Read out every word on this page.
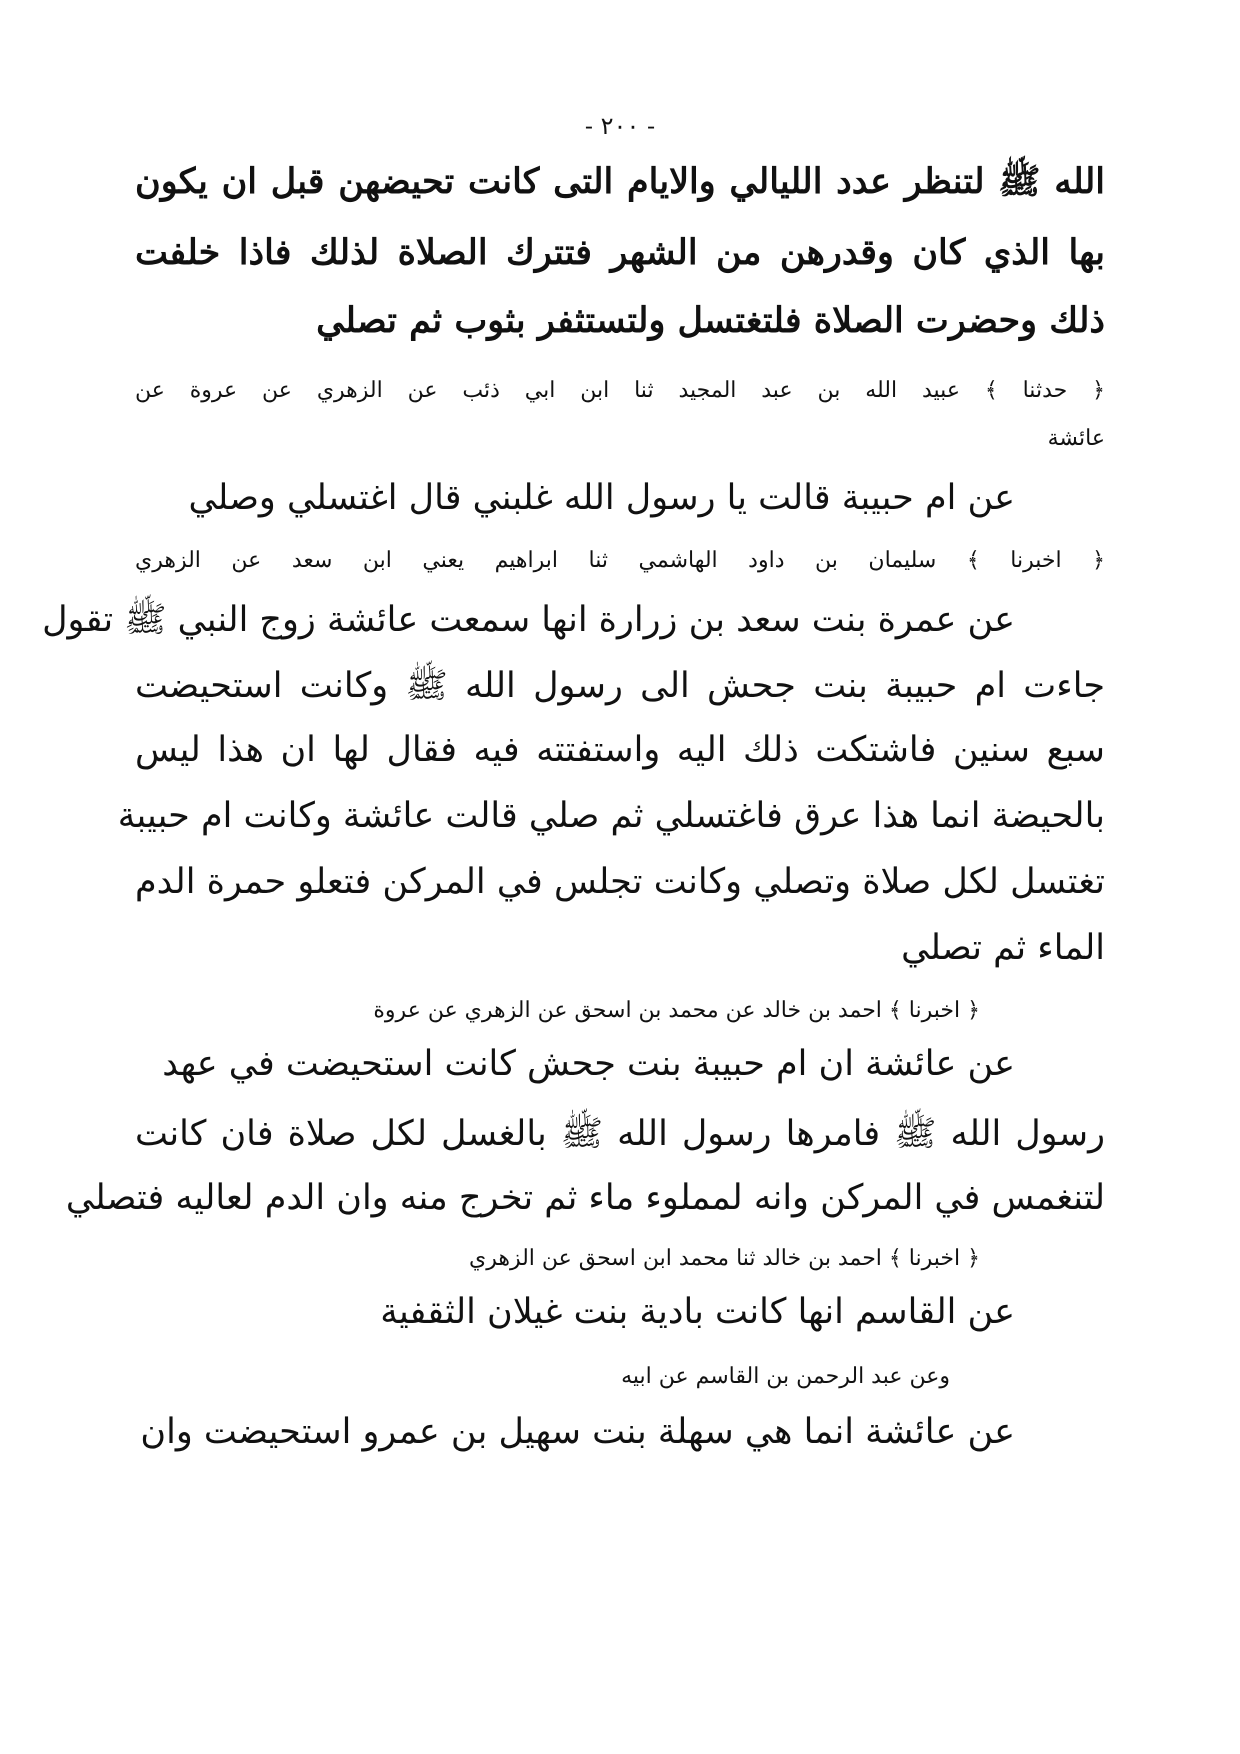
- ٢٠٠ -
الله ﷺ لتنظر عدد الليالي والايام التى كانت تحيضهن قبل ان يكون
بها الذي كان وقدرهن من الشهر فتترك الصلاة لذلك فاذا خلفت
ذلك وحضرت الصلاة فلتغتسل ولتستثفر بثوب ثم تصلي
﴿ حدثنا ﴾ عبيد الله بن عبد المجيد ثنا ابن ابي ذئب عن الزهري عن عروة عن
عائشة
عن ام حبيبة قالت يا رسول الله غلبني قال اغتسلي وصلي
﴿ اخبرنا ﴾ سليمان بن داود الهاشمي ثنا ابراهيم يعني ابن سعد عن الزهري
عن عمرة بنت سعد بن زرارة انها سمعت عائشة زوج النبي ﷺ تقول
جاءت ام حبيبة بنت جحش الى رسول الله ﷺ وكانت استحيضت
سبع سنين فاشتكت ذلك اليه واستفتته فيه فقال لها ان هذا ليس
بالحيضة انما هذا عرق فاغتسلي ثم صلي قالت عائشة وكانت ام حبيبة
تغتسل لكل صلاة وتصلي وكانت تجلس في المركن فتعلو حمرة الدم
الماء ثم تصلي
﴿ اخبرنا ﴾ احمد بن خالد عن محمد بن اسحق عن الزهري عن عروة
عن عائشة ان ام حبيبة بنت جحش كانت استحيضت في عهد
رسول الله ﷺ فامرها رسول الله ﷺ بالغسل لكل صلاة فان كانت
لتنغمس في المركن وانه لمملوء ماء ثم تخرج منه وان الدم لعاليه فتصلي
﴿ اخبرنا ﴾ احمد بن خالد ثنا محمد ابن اسحق عن الزهري
عن القاسم انها كانت بادية بنت غيلان الثقفية
وعن عبد الرحمن بن القاسم عن ابيه
عن عائشة انما هي سهلة بنت سهيل بن عمرو استحيضت وان
